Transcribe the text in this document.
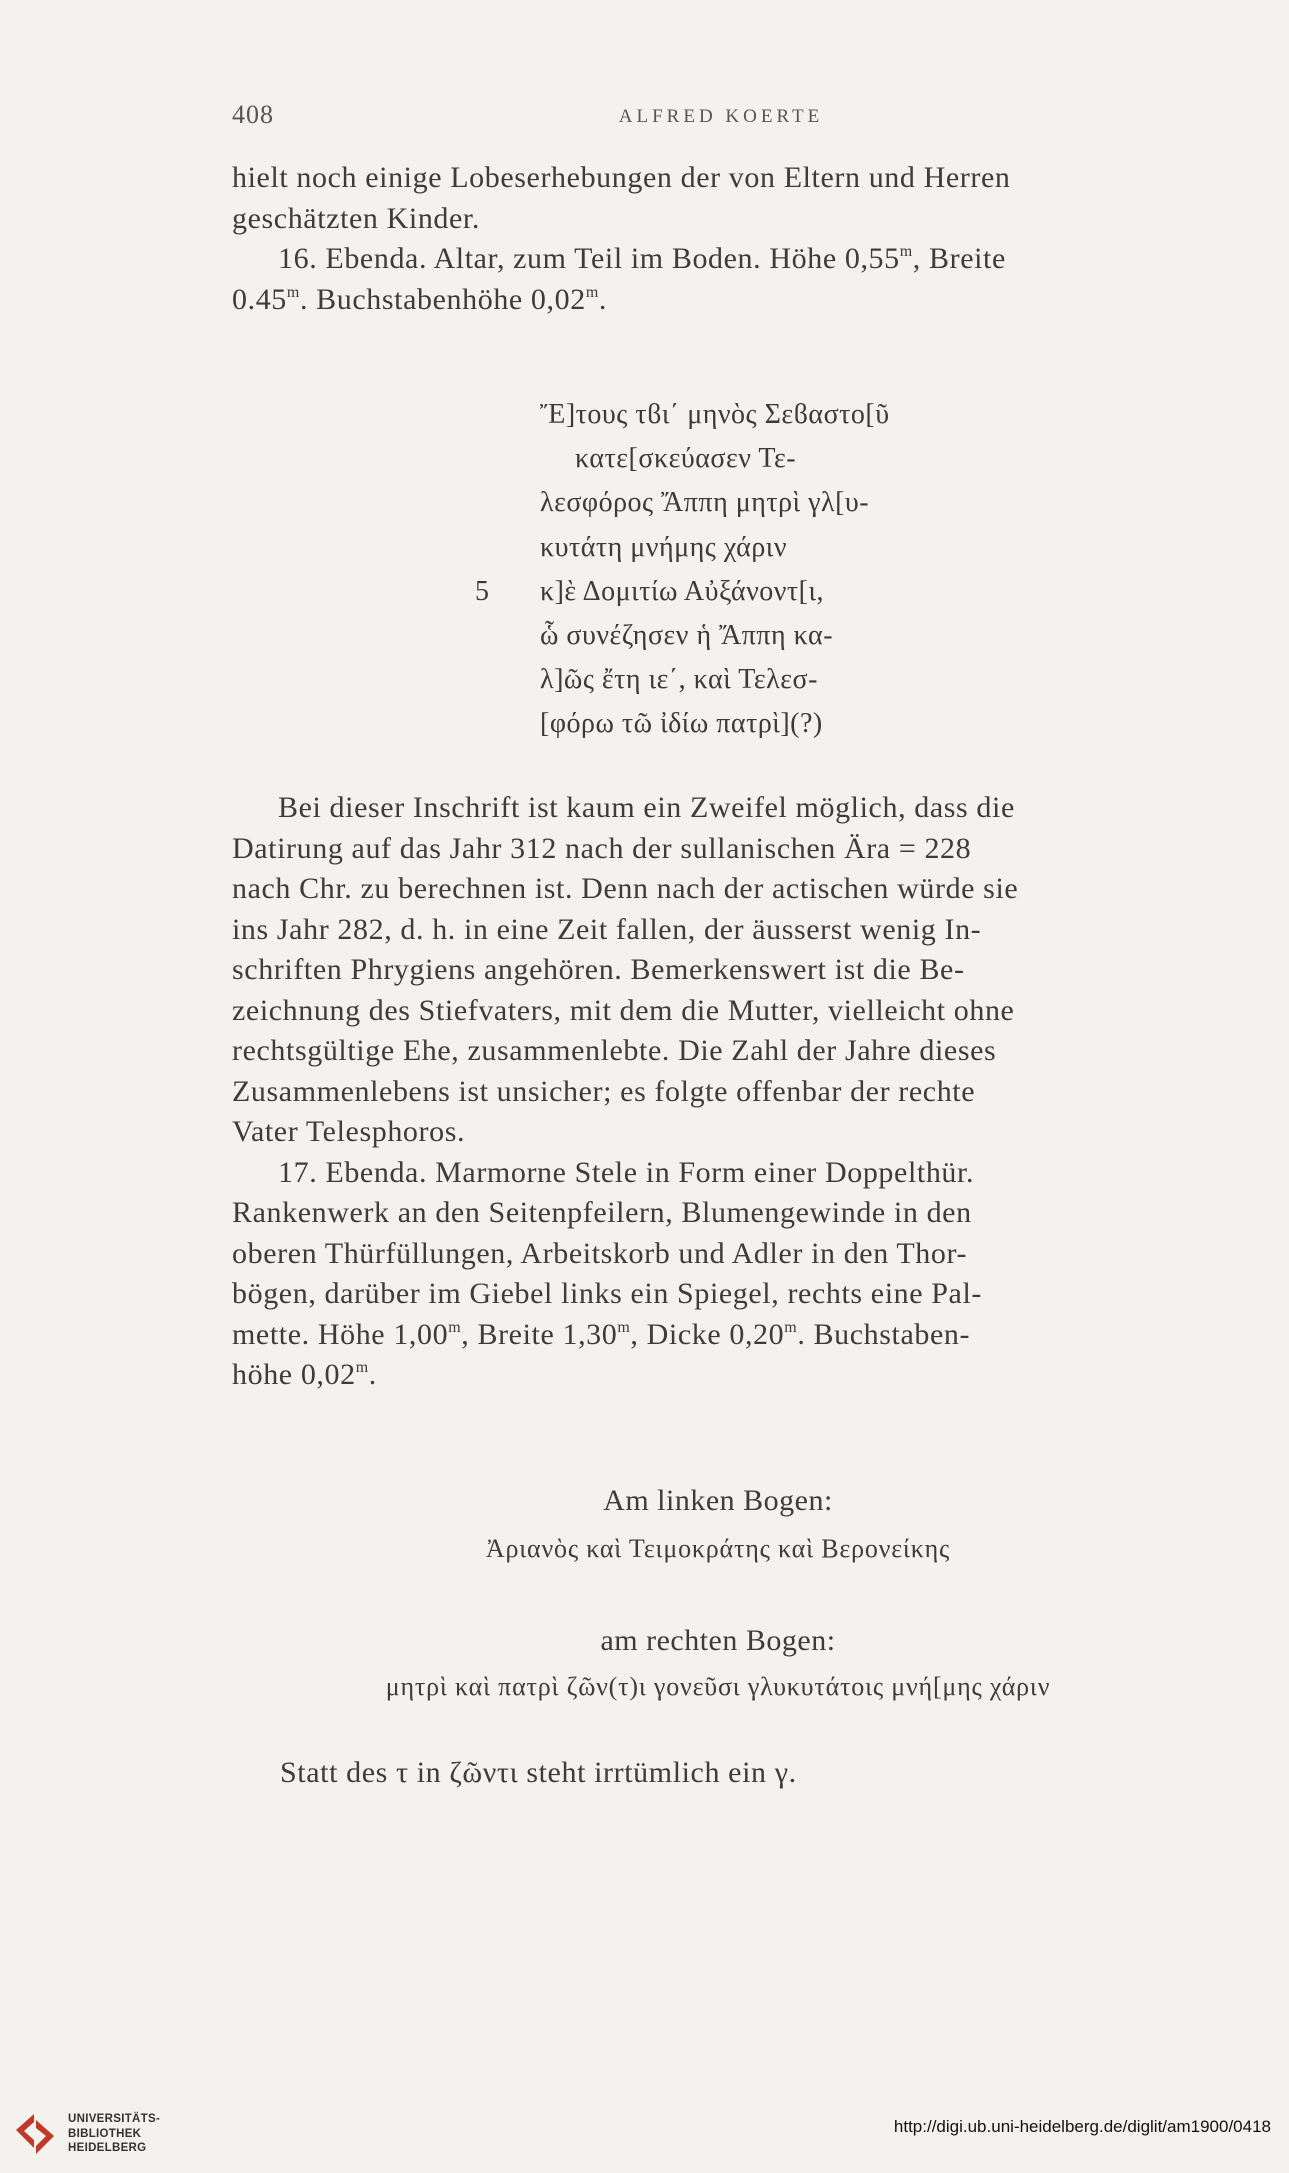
408	ALFRED KOERTE
hielt noch einige Lobeserhebungen der von Eltern und Herren
geschätzten Kinder.
16. Ebenda. Altar, zum Teil im Boden. Höhe 0,55$^m$, Breite
0.45$^m$. Buchstabenhöhe 0,02$^m$.
Ἔ]τους τϐι΄ μηνὸς Σεϐαστο[ῦ
κατε[σκεύασεν Τε-
λεσφόρος Ἄππη μητρὶ γλ[υ-
κυτάτη μνήμης χάριν
5 κ]ὲ Δομιτίω Αὐξάνοντ[ι,
ὧ συνέζησεν ἡ Ἄππη κα-
λ]ῶς ἔτη ιε΄, καὶ Τελεσ-
[φόρω τῶ ἰδίω πατρὶ](?)
Bei dieser Inschrift ist kaum ein Zweifel möglich, dass die
Datirung auf das Jahr 312 nach der sullanischen Ära = 228
nach Chr. zu berechnen ist. Denn nach der actischen würde sie
ins Jahr 282, d. h. in eine Zeit fallen, der äusserst wenig In-
schriften Phrygiens angehören. Bemerkenswert ist die Be-
zeichnung des Stiefvaters, mit dem die Mutter, vielleicht ohne
rechtsgültige Ehe, zusammenlebte. Die Zahl der Jahre dieses
Zusammenlebens ist unsicher; es folgte offenbar der rechte
Vater Telesphoros.
17. Ebenda. Marmorne Stele in Form einer Doppelthür.
Rankenwerk an den Seitenpfeilern, Blumengewinde in den
oberen Thürfüllungen, Arbeitskorb und Adler in den Thor-
bögen, darüber im Giebel links ein Spiegel, rechts eine Pal-
mette. Höhe 1,00$^m$, Breite 1,30$^m$, Dicke 0,20$^m$. Buchstaben-
höhe 0,02$^m$.
Am linken Bogen:
Ἀριανὸς καὶ Τειμοκράτης καὶ Βερονείκης
am rechten Bogen:
μητρὶ καὶ πατρὶ ζῶν(τ)ι γονεῦσι γλυκυτάτοις μνή[μης χάριν
Statt des τ in ζῶντι steht irrtümlich ein γ.
UNIVERSITÄTS-
BIBLIOTHEK
HEIDELBERG
http://digi.ub.uni-heidelberg.de/diglit/am1900/0418
